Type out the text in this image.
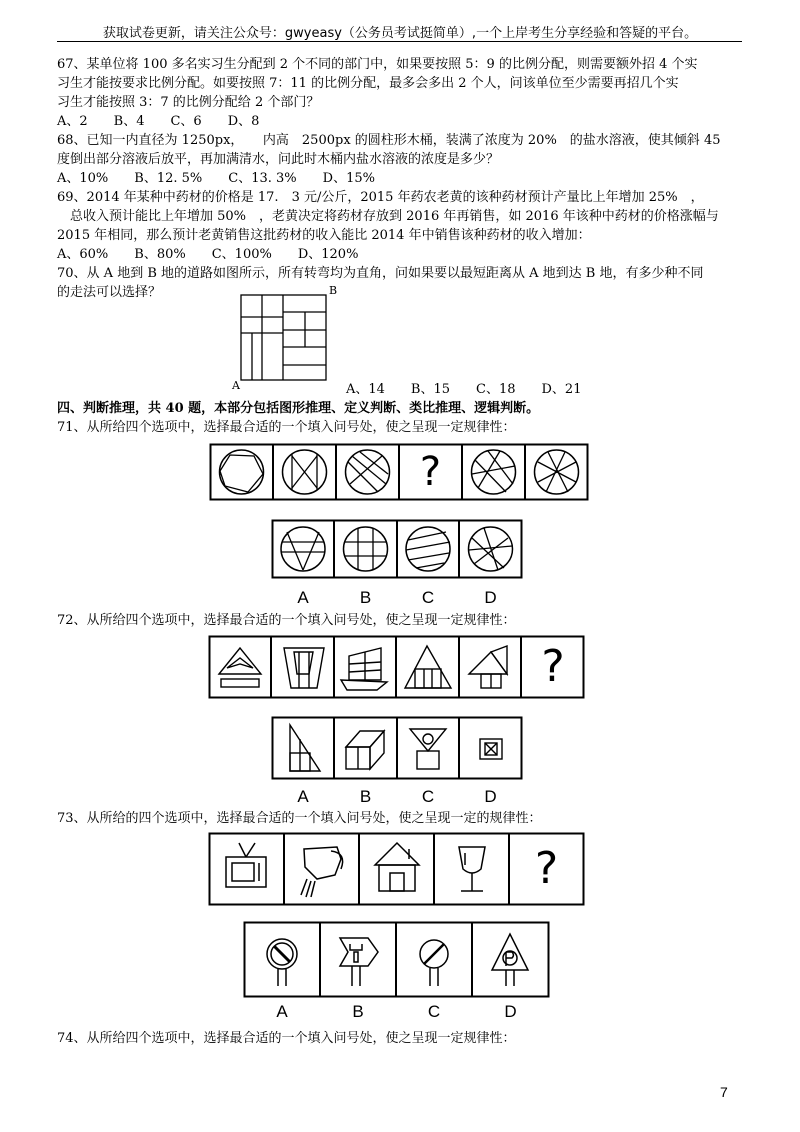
获取试卷更新，请关注公众号：gwyeasy（公务员考试挺简单）,一个上岸考生分享经验和答疑的平台。
67、某单位将 100 多名实习生分配到 2 个不同的部门中，如果要按照 5：9 的比例分配，则需要额外招 4 个实
习生才能按要求比例分配。如要按照 7：11 的比例分配，最多会多出 2 个人，问该单位至少需要再招几个实
习生才能按照 3：7 的比例分配给 2 个部门？
A、2　　B、4　　C、6　　D、8
68、已知一内直径为 1250px，　　内高　2500px 的圆柱形木桶，装满了浓度为 20%　的盐水溶液，使其倾斜 45
度倒出部分溶液后放平，再加满清水，问此时木桶内盐水溶液的浓度是多少？
A、10%　　B、12. 5%　　C、13. 3%　　D、15%
69、2014 年某种中药材的价格是 17.　3 元/公斤，2015 年药农老黄的该种药材预计产量比上年增加 25%　，
　总收入预计能比上年增加 50%　，老黄决定将药材存放到 2016 年再销售，如 2016 年该种中药材的价格涨幅与
2015 年相同，那么预计老黄销售这批药材的收入能比 2014 年中销售该种药材的收入增加：
A、60%　　B、80%　　C、100%　　D、120%
70、从 A 地到 B 地的道路如图所示，所有转弯均为直角，问如果要以最短距离从 A 地到达 B 地，有多少种不同
的走法可以选择？	B
A	A、14　　B、15　　C、18　　D、21
四、判断推理，共 40 题，本部分包括图形推理、定义判断、类比推理、逻辑判断。
71、从所给四个选项中，选择最合适的一个填入问号处，使之呈现一定规律性：
?
A	B	C	D
72、从所给四个选项中，选择最合适的一个填入问号处，使之呈现一定规律性：
?
A	B	C	D
73、从所给的四个选项中，选择最合适的一个填入问号处，使之呈现一定的规律性：
?
A	B	C	D
74、从所给四个选项中，选择最合适的一个填入问号处，使之呈现一定规律性：
7
